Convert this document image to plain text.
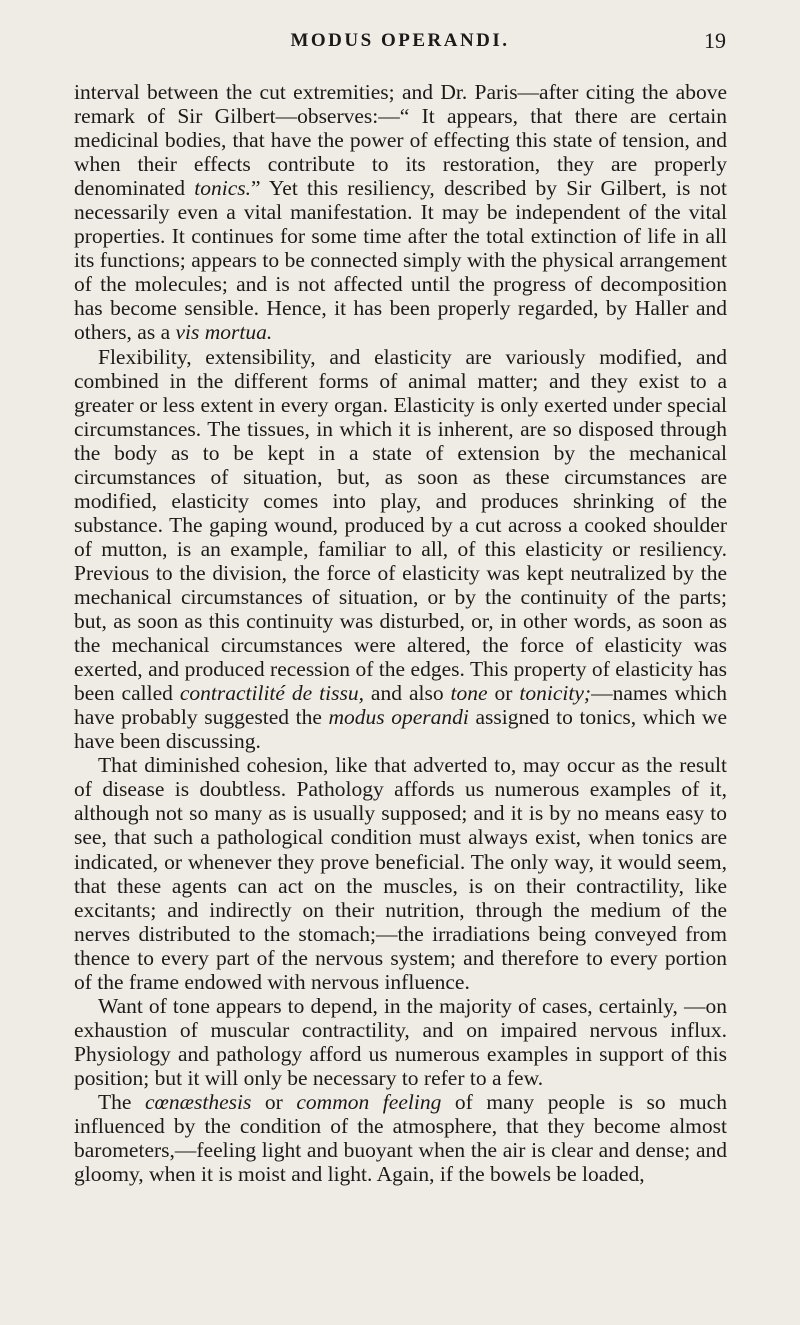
MODUS OPERANDI.	19

interval between the cut extremities; and Dr. Paris—after citing the above remark of Sir Gilbert—observes:—“ It appears, that there are certain medicinal bodies, that have the power of effecting this state of tension, and when their effects contribute to its restoration, they are properly denominated tonics.” Yet this resiliency, described by Sir Gilbert, is not necessarily even a vital manifestation. It may be independent of the vital properties. It continues for some time after the total extinction of life in all its functions; appears to be connected simply with the physical arrangement of the molecules; and is not affected until the progress of decomposition has become sensible. Hence, it has been properly regarded, by Haller and others, as a vis mortua.

Flexibility, extensibility, and elasticity are variously modified, and combined in the different forms of animal matter; and they exist to a greater or less extent in every organ. Elasticity is only exerted under special circumstances. The tissues, in which it is inherent, are so disposed through the body as to be kept in a state of extension by the mechanical circumstances of situation, but, as soon as these circumstances are modified, elasticity comes into play, and produces shrinking of the substance. The gaping wound, produced by a cut across a cooked shoulder of mutton, is an example, familiar to all, of this elasticity or resiliency. Previous to the division, the force of elasticity was kept neutralized by the mechanical circumstances of situation, or by the continuity of the parts; but, as soon as this continuity was disturbed, or, in other words, as soon as the mechanical circumstances were altered, the force of elasticity was exerted, and produced recession of the edges. This property of elasticity has been called contractilité de tissu, and also tone or tonicity;—names which have probably suggested the modus operandi assigned to tonics, which we have been discussing.

That diminished cohesion, like that adverted to, may occur as the result of disease is doubtless. Pathology affords us numerous examples of it, although not so many as is usually supposed; and it is by no means easy to see, that such a pathological condition must always exist, when tonics are indicated, or whenever they prove beneficial. The only way, it would seem, that these agents can act on the muscles, is on their contractility, like excitants; and indirectly on their nutrition, through the medium of the nerves distributed to the stomach;—the irradiations being conveyed from thence to every part of the nervous system; and therefore to every portion of the frame endowed with nervous influence.

Want of tone appears to depend, in the majority of cases, certainly, —on exhaustion of muscular contractility, and on impaired nervous influx. Physiology and pathology afford us numerous examples in support of this position; but it will only be necessary to refer to a few.

The cœnæsthesis or common feeling of many people is so much influenced by the condition of the atmosphere, that they become almost barometers,—feeling light and buoyant when the air is clear and dense; and gloomy, when it is moist and light. Again, if the bowels be loaded,
